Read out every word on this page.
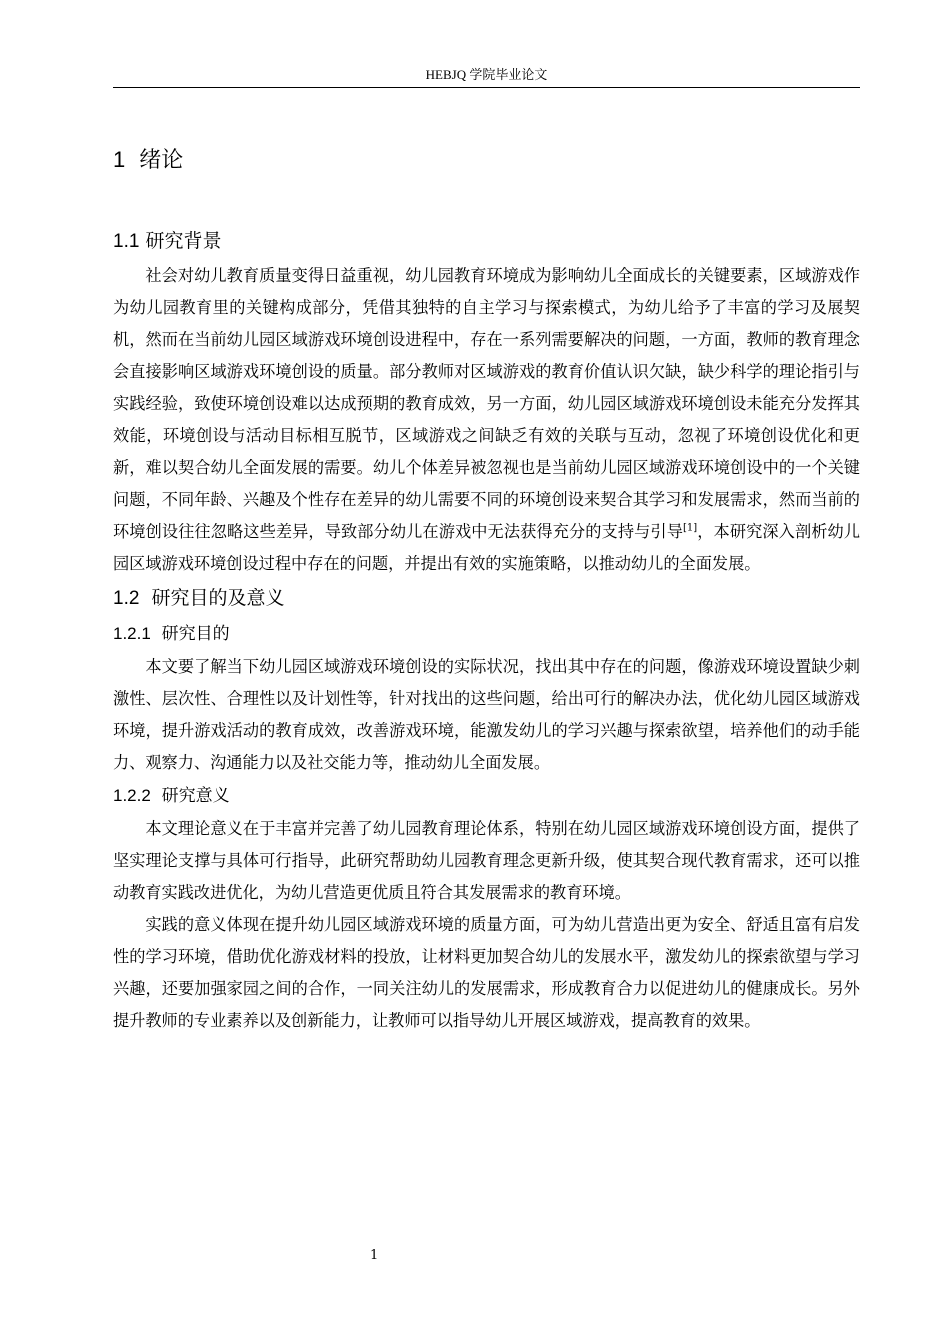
HEBJQ 学院毕业论文
1 绪论
1.1 研究背景

社会对幼儿教育质量变得日益重视，幼儿园教育环境成为影响幼儿全面成长的关键要素，区域游戏作为幼儿园教育里的关键构成部分，凭借其独特的自主学习与探索模式，为幼儿给予了丰富的学习及展契机，然而在当前幼儿园区域游戏环境创设进程中，存在一系列需要解决的问题，一方面，教师的教育理念会直接影响区域游戏环境创设的质量。部分教师对区域游戏的教育价值认识欠缺，缺少科学的理论指引与实践经验，致使环境创设难以达成预期的教育成效，另一方面，幼儿园区域游戏环境创设未能充分发挥其效能，环境创设与活动目标相互脱节，区域游戏之间缺乏有效的关联与互动，忽视了环境创设优化和更新，难以契合幼儿全面发展的需要。幼儿个体差异被忽视也是当前幼儿园区域游戏环境创设中的一个关键问题，不同年龄、兴趣及个性存在差异的幼儿需要不同的环境创设来契合其学习和发展需求，然而当前的环境创设往往忽略这些差异，导致部分幼儿在游戏中无法获得充分的支持与引导[1]，本研究深入剖析幼儿园区域游戏环境创设过程中存在的问题，并提出有效的实施策略，以推动幼儿的全面发展。

1.2 研究目的及意义
1.2.1 研究目的

本文要了解当下幼儿园区域游戏环境创设的实际状况，找出其中存在的问题，像游戏环境设置缺少刺激性、层次性、合理性以及计划性等，针对找出的这些问题，给出可行的解决办法，优化幼儿园区域游戏环境，提升游戏活动的教育成效，改善游戏环境，能激发幼儿的学习兴趣与探索欲望，培养他们的动手能力、观察力、沟通能力以及社交能力等，推动幼儿全面发展。

1.2.2 研究意义

本文理论意义在于丰富并完善了幼儿园教育理论体系，特别在幼儿园区域游戏环境创设方面，提供了坚实理论支撑与具体可行指导，此研究帮助幼儿园教育理念更新升级，使其契合现代教育需求，还可以推动教育实践改进优化，为幼儿营造更优质且符合其发展需求的教育环境。

实践的意义体现在提升幼儿园区域游戏环境的质量方面，可为幼儿营造出更为安全、舒适且富有启发性的学习环境，借助优化游戏材料的投放，让材料更加契合幼儿的发展水平，激发幼儿的探索欲望与学习兴趣，还要加强家园之间的合作，一同关注幼儿的发展需求，形成教育合力以促进幼儿的健康成长。另外提升教师的专业素养以及创新能力，让教师可以指导幼儿开展区域游戏，提高教育的效果。

1
